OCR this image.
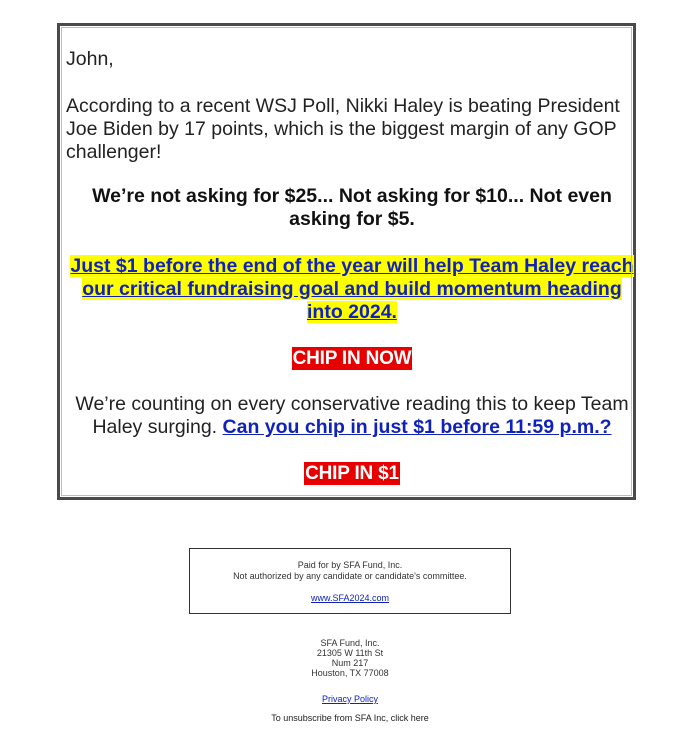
John,

According to a recent WSJ Poll, Nikki Haley is beating President Joe Biden by 17 points, which is the biggest margin of any GOP challenger!

We’re not asking for $25... Not asking for $10... Not even asking for $5.

Just $1 before the end of the year will help Team Haley reach our critical fundraising goal and build momentum heading into 2024.

CHIP IN NOW

We’re counting on every conservative reading this to keep Team Haley surging. Can you chip in just $1 before 11:59 p.m.?

CHIP IN $1

Paid for by SFA Fund, Inc.
Not authorized by any candidate or candidate's committee.
www.SFA2024.com
SFA Fund, Inc.
21305 W 11th St
Num 217
Houston, TX 77008
Privacy Policy
To unsubscribe from SFA Inc, click here
